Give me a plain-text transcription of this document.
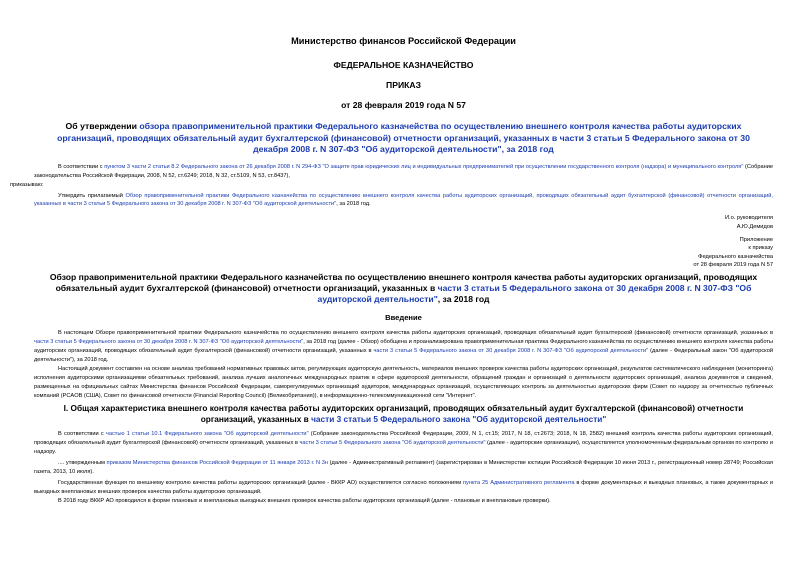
Министерство финансов Российской Федерации
ФЕДЕРАЛЬНОЕ КАЗНАЧЕЙСТВО
ПРИКАЗ
от 28 февраля 2019 года N 57
Об утверждении обзора правоприменительной практики Федерального казначейства по осуществлению внешнего контроля качества работы аудиторских организаций, проводящих обязательный аудит бухгалтерской (финансовой) отчетности организаций, указанных в части 3 статьи 5 Федерального закона от 30 декабря 2008 г. N 307-ФЗ "Об аудиторской деятельности", за 2018 год
В соответствии с пунктом 3 части 2 статьи 8.2 Федерального закона от 26 декабря 2008 г. N 294-ФЗ "О защите прав юридических лиц и индивидуальных предпринимателей при осуществлении государственного контроля (надзора) и муниципального контроля" (Собрание законодательства Российской Федерации, 2008, N 52, ст.6249; 2018, N 32, ст.5109, N 53, ст.8437),
приказываю:
Утвердить прилагаемый Обзор правоприменительной практики Федерального казначейства по осуществлению внешнего контроля качества работы аудиторских организаций, проводящих обязательный аудит бухгалтерской (финансовой) отчетности организаций, указанных в части 3 статьи 5 Федерального закона от 30 декабря 2008 г. N 307-ФЗ "Об аудиторской деятельности", за 2018 год.
И.о. руководителя
А.Ю.Демидов
Приложение
к приказу
Федерального казначейства
от 28 февраля 2019 года N 57
Обзор правоприменительной практики Федерального казначейства по осуществлению внешнего контроля качества работы аудиторских организаций, проводящих обязательный аудит бухгалтерской (финансовой) отчетности организаций, указанных в части 3 статьи 5 Федерального закона от 30 декабря 2008 г. N 307-ФЗ "Об аудиторской деятельности", за 2018 год
Введение
В настоящем Обзоре правоприменительной практики Федерального казначейства по осуществлению внешнего контроля качества работы аудиторских организаций, проводящих обязательный аудит бухгалтерской (финансовой) отчетности организаций, указанных в части 3 статьи 5 Федерального закона от 30 декабря 2008 г. N 307-ФЗ "Об аудиторской деятельности", за 2018 год (далее - Обзор) обобщена и проанализирована правоприменительная практика Федерального казначейства по осуществлению внешнего контроля качества работы аудиторских организаций, проводящих обязательный аудит бухгалтерской (финансовой) отчетности организаций, указанных в части 3 статьи 5 Федерального закона от 30 декабря 2008 г. N 307-ФЗ "Об аудиторской деятельности" (далее - Федеральный закон "Об аудиторской деятельности"), за 2018 год.
Настоящий документ составлен на основе анализа требований нормативных правовых актов, регулирующих аудиторскую деятельность, материалов внешних проверок качества работы аудиторских организаций, результатов систематического наблюдения (мониторинга) исполнения аудиторскими организациями обязательных требований, анализа лучших аналогичных международных практик в сфере аудиторской деятельности, обращений граждан и организаций о деятельности аудиторских организаций, анализа документов и сведений, размещенных на официальных сайтах Министерства финансов Российской Федерации, саморегулируемых организаций аудиторов, международных организаций, осуществляющих контроль за деятельностью аудиторских фирм (Совет по надзору за отчетностью публичных компаний (PCAOB (США), Совет по финансовой отчетности (Financial Reporting Council) (Великобритания)), в информационно-телекоммуникационной сети "Интернет".
I. Общая характеристика внешнего контроля качества работы аудиторских организаций, проводящих обязательный аудит бухгалтерской (финансовой) отчетности организаций, указанных в части 3 статьи 5 Федерального закона "Об аудиторской деятельности"
В соответствии с частью 1 статьи 10.1 Федерального закона "Об аудиторской деятельности" (Собрание законодательства Российской Федерации, 2009, N 1, ст.15; 2017, N 18, ст.2673; 2018, N 18, 2582) внешний контроль качества работы аудиторских организаций, проводящих обязательный аудит бухгалтерской (финансовой) отчетности организаций, указанных в части 3 статьи 5 Федерального закона "Об аудиторской деятельности" (далее - аудиторские организации), осуществляется уполномоченным федеральным органом по контролю и надзору.
.... утвержденным приказом Министерства финансов Российской Федерации от 11 января 2013 г. N 3н (далее - Административный регламент) (зарегистрирован в Министерстве юстиции Российской Федерации 10 июня 2013 г., регистрационный номер 28749; Российская газета, 2013, 10 июля).
Государственная функция по внешнему контролю качества работы аудиторских организаций (далее - ВККР АО) осуществляется согласно положениям пункта 25 Административного регламента в форме документарных и выездных плановых, а также документарных и выездных внеплановых внешних проверок качества работы аудиторских организаций.
В 2018 году ВККР АО проводился в форме плановых и внеплановых выездных внешних проверок качества работы аудиторских организаций (далее - плановые и внеплановые проверки).
